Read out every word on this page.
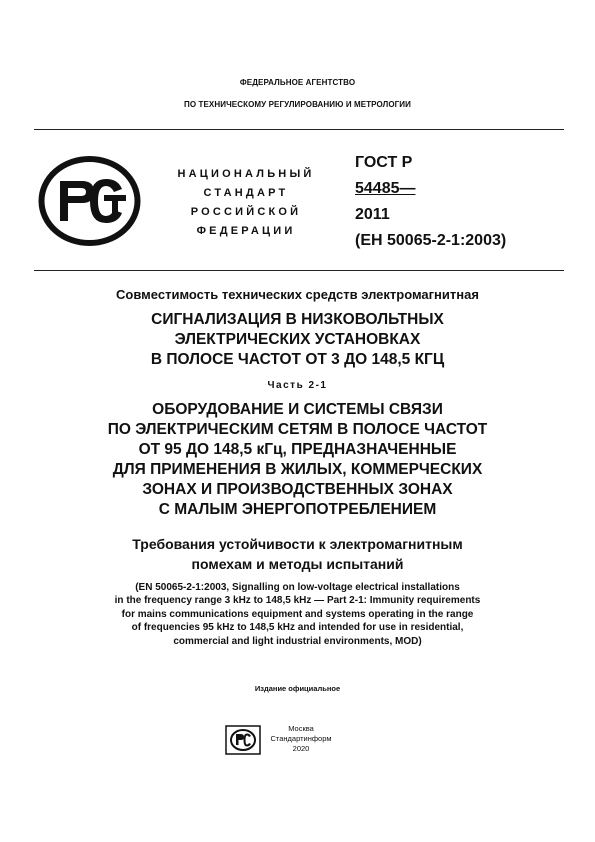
ФЕДЕРАЛЬНОЕ АГЕНТСТВО
ПО ТЕХНИЧЕСКОМУ РЕГУЛИРОВАНИЮ И МЕТРОЛОГИИ
НАЦИОНАЛЬНЫЙ
СТАНДАРТ
РОССИЙСКОЙ
ФЕДЕРАЦИИ
ГОСТ Р
54485—
2011
(ЕН 50065-2-1:2003)
Совместимость технических средств электромагнитная
СИГНАЛИЗАЦИЯ В НИЗКОВОЛЬТНЫХ
ЭЛЕКТРИЧЕСКИХ УСТАНОВКАХ
В ПОЛОСЕ ЧАСТОТ ОТ 3 ДО 148,5 КГЦ
Часть 2-1
ОБОРУДОВАНИЕ И СИСТЕМЫ СВЯЗИ
ПО ЭЛЕКТРИЧЕСКИМ СЕТЯМ В ПОЛОСЕ ЧАСТОТ
ОТ 95 ДО 148,5 кГц, ПРЕДНАЗНАЧЕННЫЕ
ДЛЯ ПРИМЕНЕНИЯ В ЖИЛЫХ, КОММЕРЧЕСКИХ
ЗОНАХ И ПРОИЗВОДСТВЕННЫХ ЗОНАХ
С МАЛЫМ ЭНЕРГОПОТРЕБЛЕНИЕМ
Требования устойчивости к электромагнитным
помехам и методы испытаний
(EN 50065-2-1:2003, Signalling on low-voltage electrical installations
in the frequency range 3 kHz to 148,5 kHz — Part 2-1: Immunity requirements
for mains communications equipment and systems operating in the range
of frequencies 95 kHz to 148,5 kHz and intended for use in residential,
commercial and light industrial environments, MOD)
Издание официальное
Москва
Стандартинформ
2020
